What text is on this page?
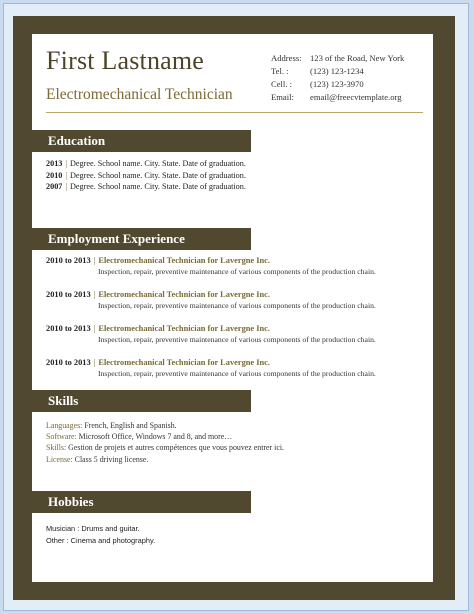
First Lastname
Electromechanical Technician
Address: 123 of the Road, New York
Tel. :	(123) 123-1234
Cell. :	(123) 123-3970
Email:	email@freecvtemplate.org
Education
2013 | Degree. School name. City. State. Date of graduation.
2010 | Degree. School name. City. State. Date of graduation.
2007 | Degree. School name. City. State. Date of graduation.
Employment Experience
2010 to 2013 | Electromechanical Technician for Lavergne Inc.
Inspection, repair, preventive maintenance of various components of the production chain.
2010 to 2013 | Electromechanical Technician for Lavergne Inc.
Inspection, repair, preventive maintenance of various components of the production chain.
2010 to 2013 | Electromechanical Technician for Lavergne Inc.
Inspection, repair, preventive maintenance of various components of the production chain.
2010 to 2013 | Electromechanical Technician for Lavergne Inc.
Inspection, repair, preventive maintenance of various components of the production chain.
Skills
Languages: French, English and Spanish.
Software: Microsoft Office, Windows 7 and 8, and more…
Skills: Gestion de projets et autres compétences que vous pouvez entrer ici.
License: Class 5 driving license.
Hobbies
Musician : Drums and guitar.
Other : Cinema and photography.
